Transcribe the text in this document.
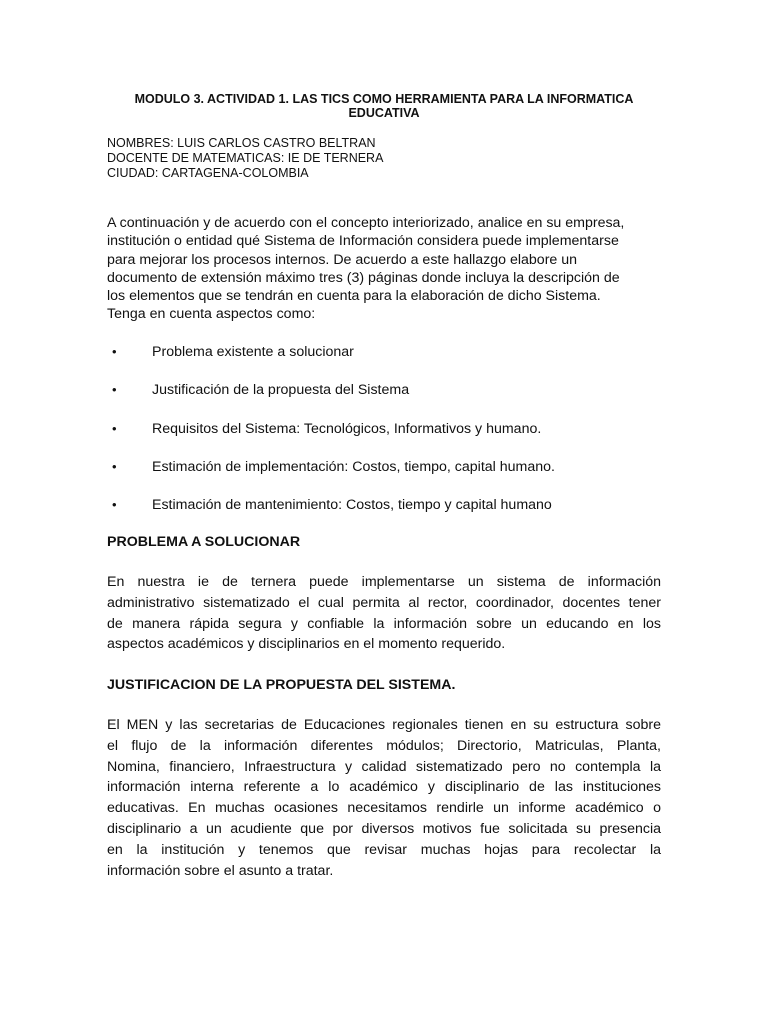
MODULO 3. ACTIVIDAD 1. LAS TICS COMO HERRAMIENTA PARA LA INFORMATICA
EDUCATIVA
NOMBRES: LUIS CARLOS CASTRO BELTRAN
DOCENTE DE MATEMATICAS: IE DE TERNERA
CIUDAD: CARTAGENA-COLOMBIA
A continuación y de acuerdo con el concepto interiorizado, analice en su empresa,
institución o entidad qué Sistema de Información considera puede implementarse
para mejorar los procesos internos. De acuerdo a este hallazgo elabore un
documento de extensión máximo tres (3) páginas donde incluya la descripción de
los elementos que se tendrán en cuenta para la elaboración de dicho Sistema.
Tenga en cuenta aspectos como:
• Problema existente a solucionar
• Justificación de la propuesta del Sistema
• Requisitos del Sistema: Tecnológicos, Informativos y humano.
• Estimación de implementación: Costos, tiempo, capital humano.
• Estimación de mantenimiento: Costos, tiempo y capital humano
PROBLEMA A SOLUCIONAR
En nuestra ie de ternera puede implementarse un sistema de información
administrativo sistematizado el cual permita al rector, coordinador, docentes tener
de manera rápida segura y confiable la información sobre un educando en los
aspectos académicos y disciplinarios en el momento requerido.
JUSTIFICACION DE LA PROPUESTA DEL SISTEMA.
El MEN y las secretarias de Educaciones regionales tienen en su estructura sobre
el flujo de la información diferentes módulos; Directorio, Matriculas, Planta,
Nomina, financiero, Infraestructura y calidad sistematizado pero no contempla la
información interna referente a lo académico y disciplinario de las instituciones
educativas. En muchas ocasiones necesitamos rendirle un informe académico o
disciplinario a un acudiente que por diversos motivos fue solicitada su presencia
en la institución y tenemos que revisar muchas hojas para recolectar la
información sobre el asunto a tratar.
